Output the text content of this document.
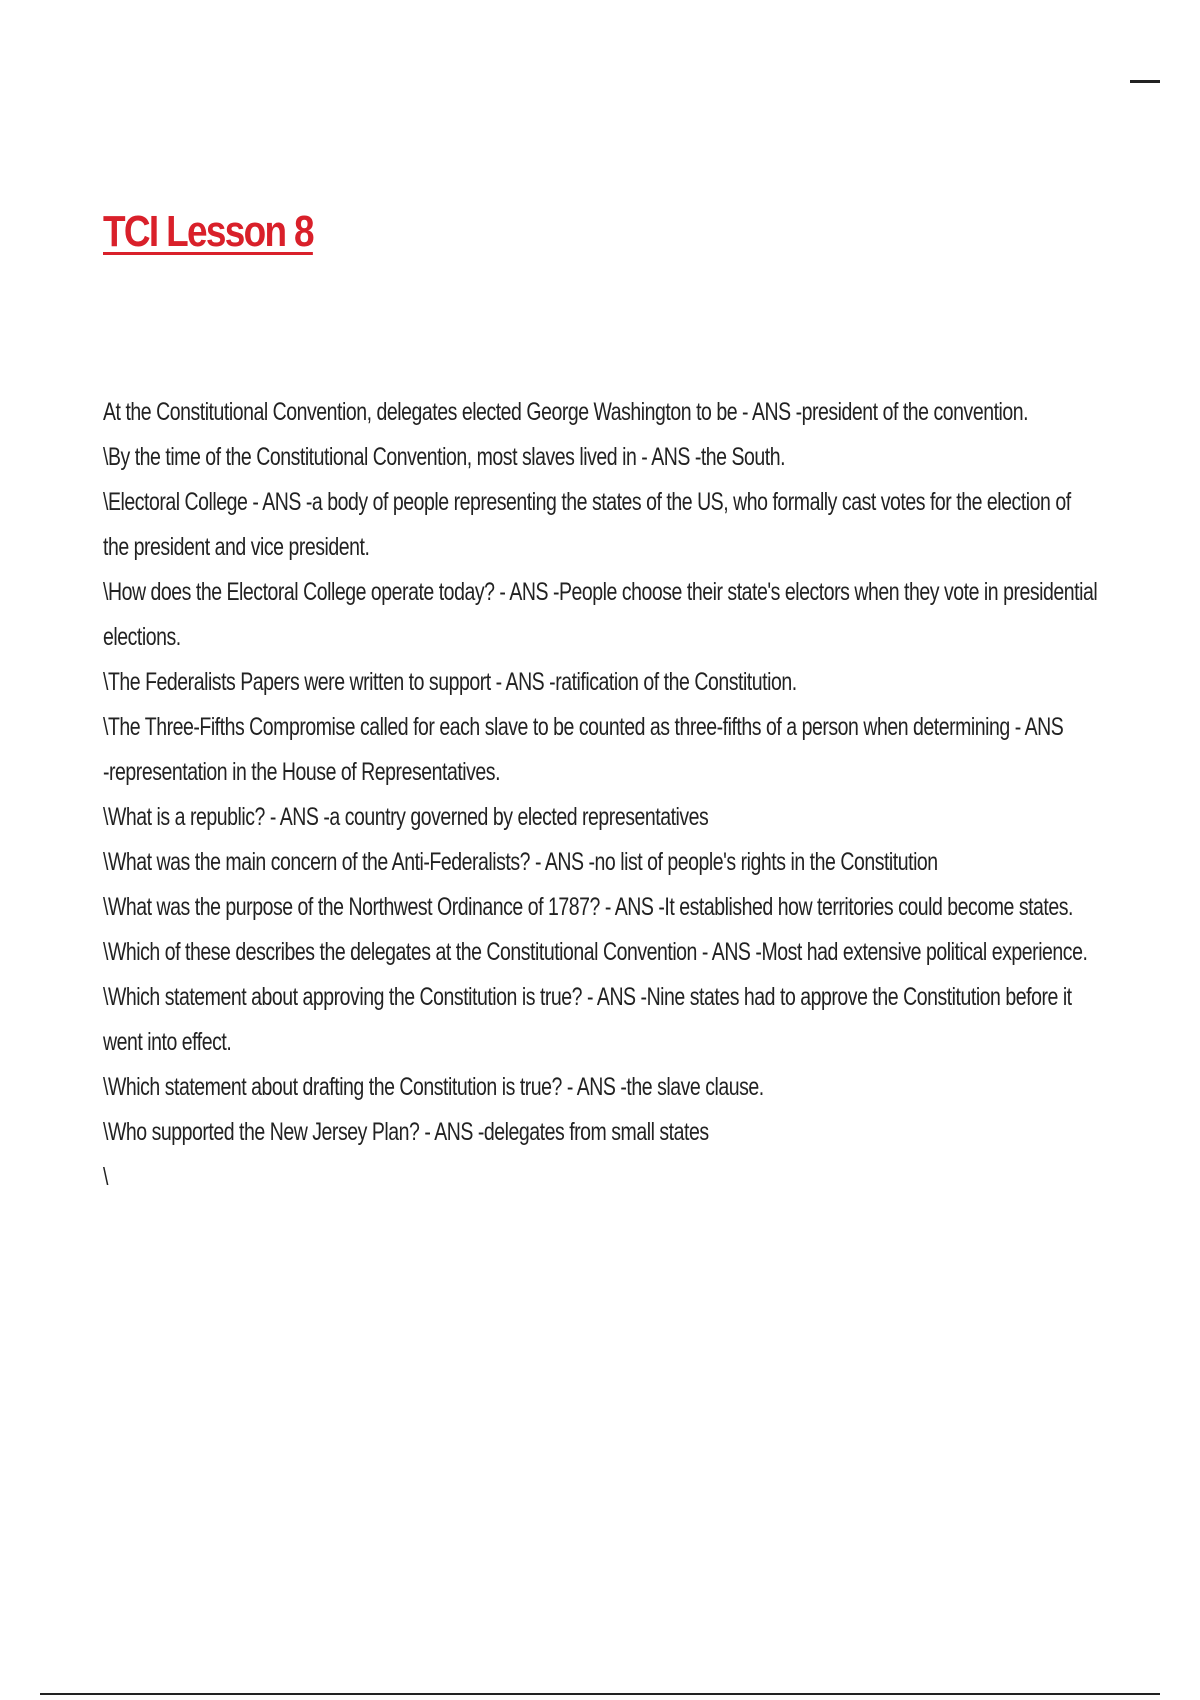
TCI Lesson 8
At the Constitutional Convention, delegates elected George Washington to be - ANS -president of the convention.
\By the time of the Constitutional Convention, most slaves lived in - ANS -the South.
\Electoral College - ANS -a body of people representing the states of the US, who formally cast votes for the election of
the president and vice president.
\How does the Electoral College operate today? - ANS -People choose their state's electors when they vote in presidential
elections.
\The Federalists Papers were written to support - ANS -ratification of the Constitution.
\The Three-Fifths Compromise called for each slave to be counted as three-fifths of a person when determining - ANS
-representation in the House of Representatives.
\What is a republic? - ANS -a country governed by elected representatives
\What was the main concern of the Anti-Federalists? - ANS -no list of people's rights in the Constitution
\What was the purpose of the Northwest Ordinance of 1787? - ANS -It established how territories could become states.
\Which of these describes the delegates at the Constitutional Convention - ANS -Most had extensive political experience.
\Which statement about approving the Constitution is true? - ANS -Nine states had to approve the Constitution before it
went into effect.
\Which statement about drafting the Constitution is true? - ANS -the slave clause.
\Who supported the New Jersey Plan? - ANS -delegates from small states
\
